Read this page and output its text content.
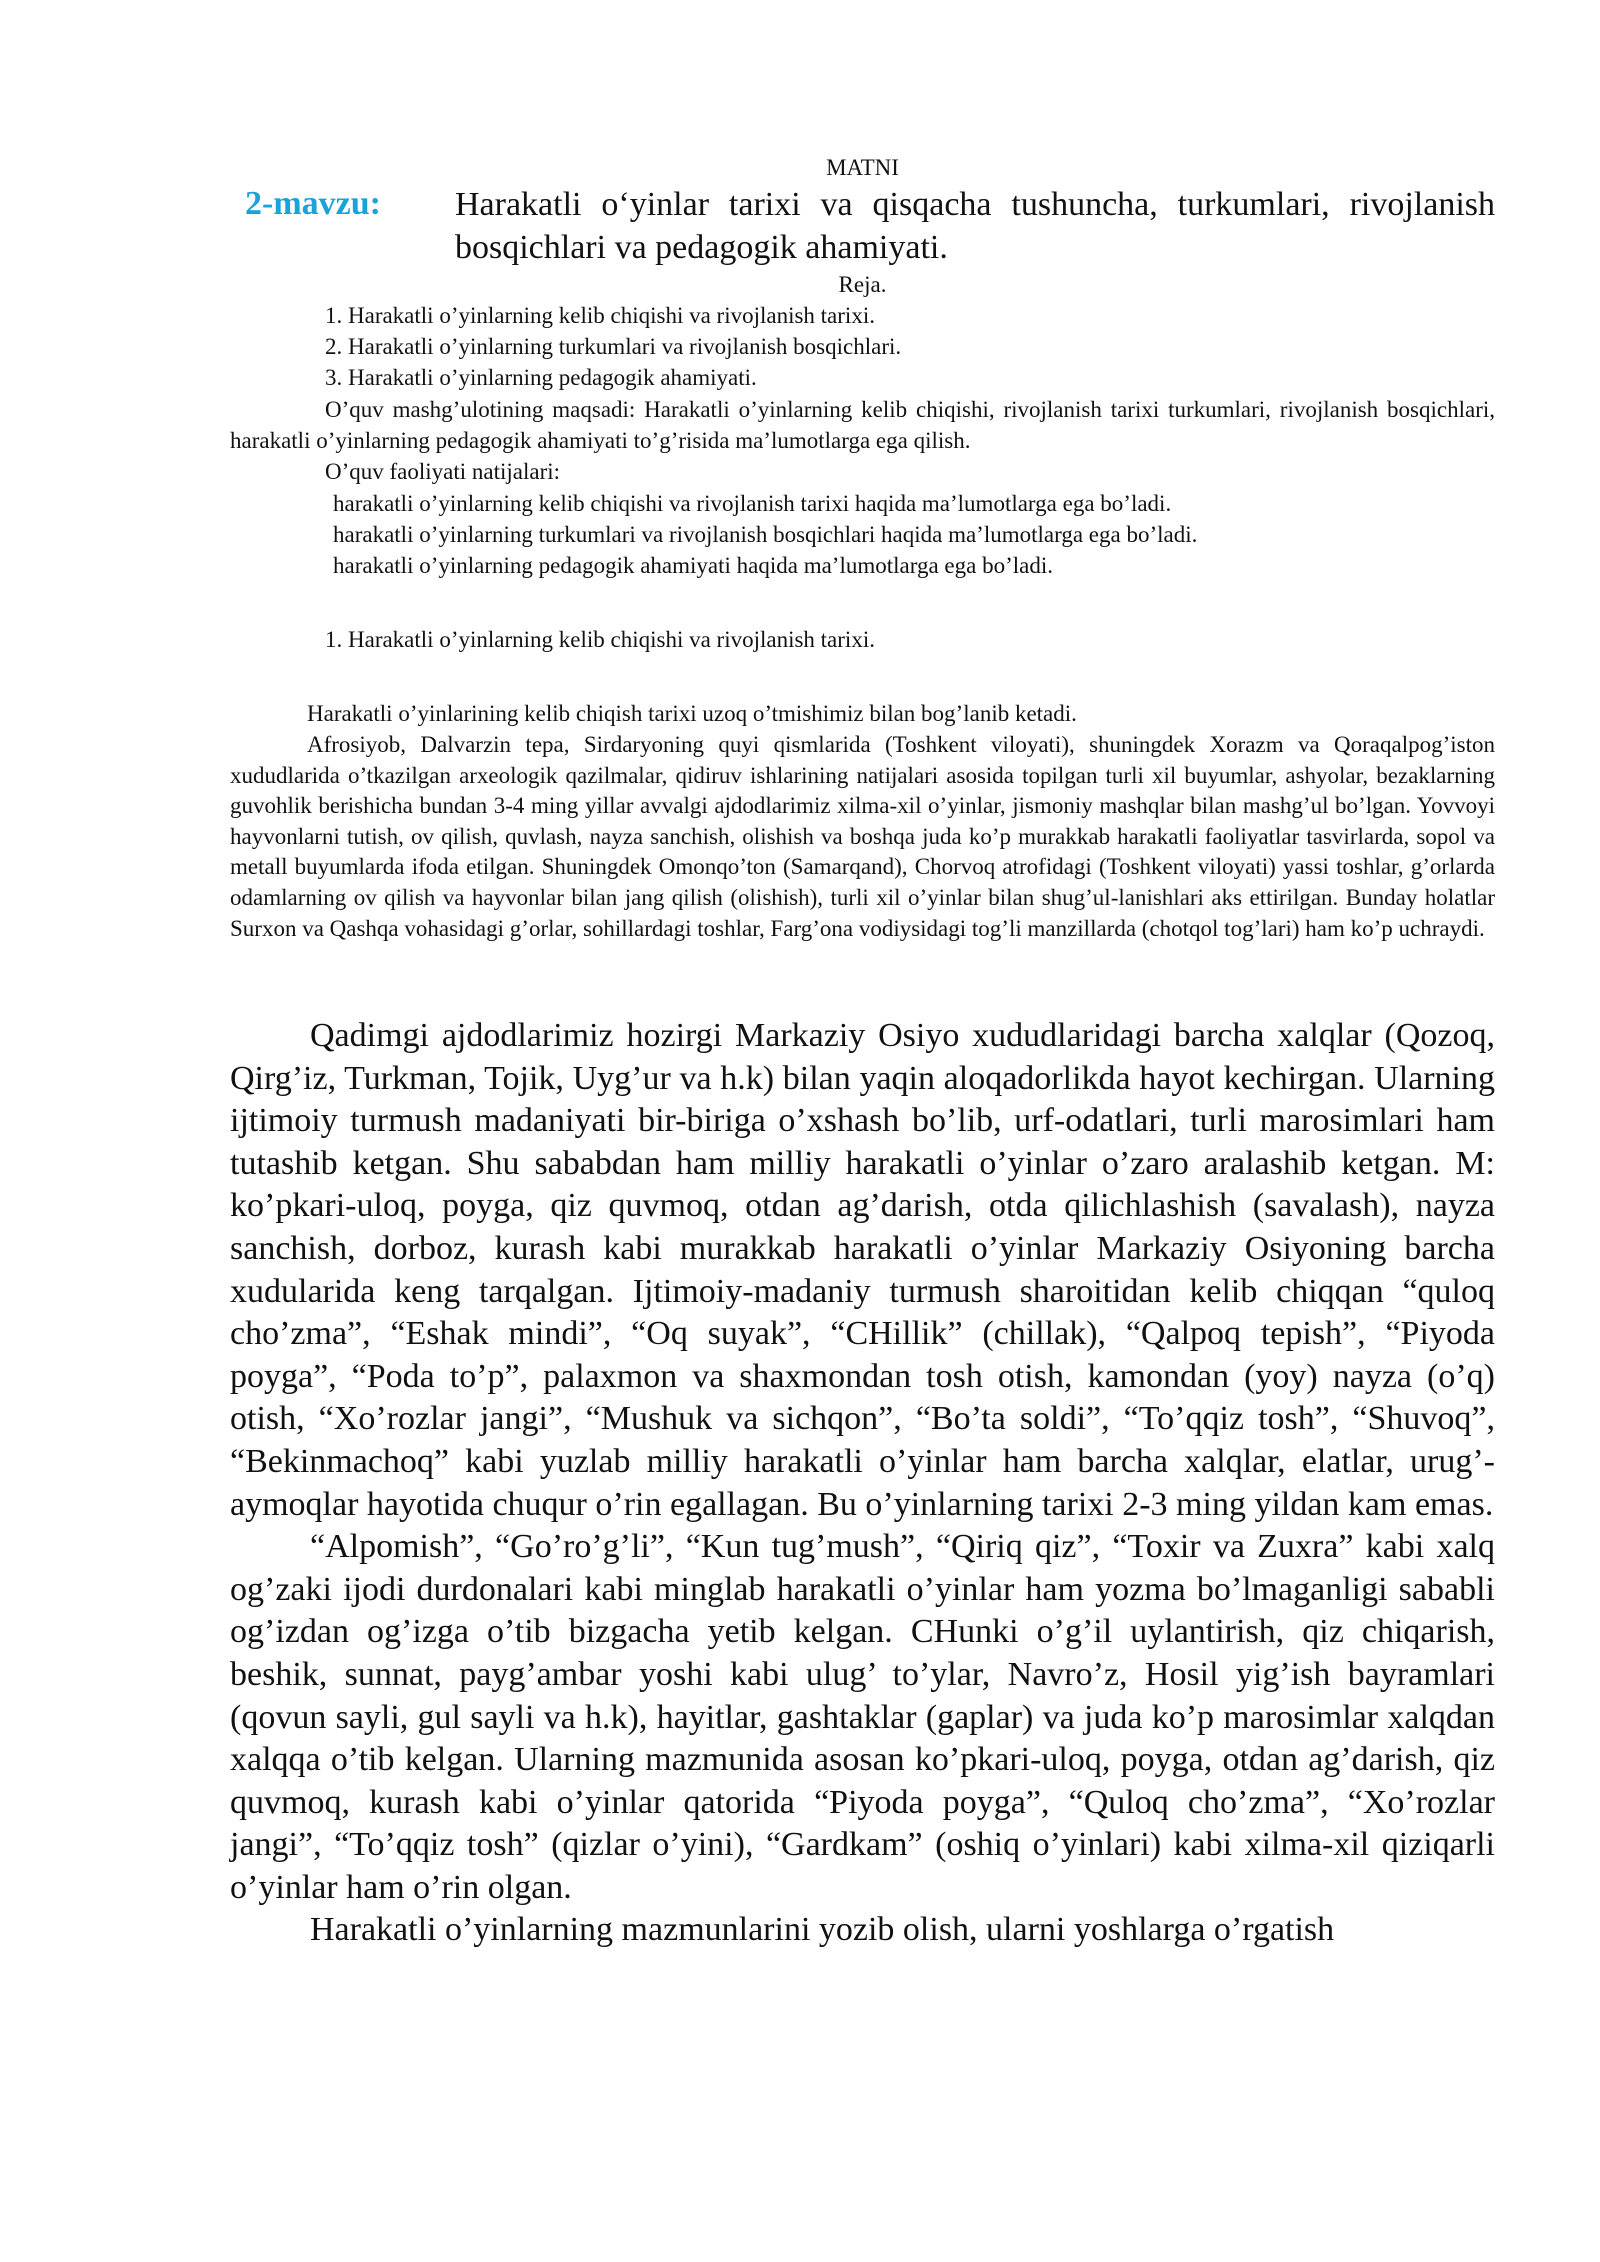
MATNI
2-mavzu:	Harakatli o‘yinlar tarixi va qisqacha tushuncha, turkumlari, rivojlanish bosqichlari va pedagogik ahamiyati.
Reja.

1. Harakatli o’yinlarning kelib chiqishi va rivojlanish tarixi.

2. Harakatli o’yinlarning turkumlari va rivojlanish bosqichlari.

3. Harakatli o’yinlarning pedagogik ahamiyati.

O’quv mashg’ulotining maqsadi: Harakatli o’yinlarning kelib chiqishi, rivojlanish tarixi turkumlari, rivojlanish bosqichlari, harakatli o’yinlarning pedagogik ahamiyati to’g’risida ma’lumotlarga ega qilish.
O’quv faoliyati natijalari:

harakatli o’yinlarning kelib chiqishi va rivojlanish tarixi haqida ma’lumotlarga ega bo’ladi.

harakatli o’yinlarning turkumlari va rivojlanish bosqichlari haqida ma’lumotlarga ega bo’ladi.

harakatli o’yinlarning pedagogik ahamiyati haqida ma’lumotlarga ega bo’ladi.

1. Harakatli o’yinlarning kelib chiqishi va rivojlanish tarixi.
Harakatli o’yinlarining kelib chiqish tarixi uzoq o’tmishimiz bilan bog’lanib ketadi.
Afrosiyob, Dalvarzin tepa, Sirdaryoning quyi qismlarida (Toshkent viloyati), shuningdek Xorazm va Qoraqalpog’iston xududlarida o’tkazilgan arxeologik qazilmalar, qidiruv ishlarining natijalari asosida topilgan turli xil buyumlar, ashyolar, bezaklarning guvohlik berishicha bundan 3-4 ming yillar avvalgi ajdodlarimiz xilma-xil o’yinlar, jismoniy mashqlar bilan mashg’ul bo’lgan. Yovvoyi hayvonlarni tutish, ov qilish, quvlash, nayza sanchish, olishish va boshqa juda ko’p murakkab harakatli faoliyatlar tasvirlarda, sopol va metall buyumlarda ifoda etilgan. Shuningdek Omonqo’ton (Samarqand), Chorvoq atrofidagi (Toshkent viloyati) yassi toshlar, g’orlarda odamlarning ov qilish va hayvonlar bilan jang qilish (olishish), turli xil o’yinlar bilan shug’ul-lanishlari aks ettirilgan. Bunday holatlar Surxon va Qashqa vohasidagi g’orlar, sohillardagi toshlar, Farg’ona vodiysidagi tog’li manzillarda (chotqol tog’lari) ham ko’p uchraydi.

Qadimgi ajdodlarimiz hozirgi Markaziy Osiyo xududlaridagi barcha xalqlar (Qozoq, Qirg’iz, Turkman, Tojik, Uyg’ur va h.k) bilan yaqin aloqadorlikda hayot kechirgan. Ularning ijtimoiy turmush madaniyati bir-biriga o’xshash bo’lib, urf-odatlari, turli marosimlari ham tutashib ketgan. Shu sababdan ham milliy harakatli o’yinlar o’zaro aralashib ketgan. M: ko’pkari-uloq, poyga, qiz quvmoq, otdan ag’darish, otda qilichlashish (savalash), nayza sanchish, dorboz, kurash kabi murakkab harakatli o’yinlar Markaziy Osiyoning barcha xudularida keng tarqalgan. Ijtimoiy-madaniy turmush sharoitidan kelib chiqqan “quloq cho’zma”, “Eshak mindi”, “Oq suyak”, “CHillik” (chillak), “Qalpoq tepish”, “Piyoda poyga”, “Poda to’p”, palaxmon va shaxmondan tosh otish, kamondan (yoy) nayza (o’q) otish, “Xo’rozlar jangi”, “Mushuk va sichqon”, “Bo’ta soldi”, “To’qqiz tosh”, “Shuvoq”, “Bekinmachoq” kabi yuzlab milliy harakatli o’yinlar ham barcha xalqlar, elatlar, urug’-aymoqlar hayotida chuqur o’rin egallagan. Bu o’yinlarning tarixi 2-3 ming yildan kam emas.

“Alpomish”, “Go’ro’g’li”, “Kun tug’mush”, “Qiriq qiz”, “Toxir va Zuxra” kabi xalq og’zaki ijodi durdonalari kabi minglab harakatli o’yinlar ham yozma bo’lmaganligi sababli og’izdan og’izga o’tib bizgacha yetib kelgan. CHunki o’g’il uylantirish, qiz chiqarish, beshik, sunnat, payg’ambar yoshi kabi ulug’ to’ylar, Navro’z, Hosil yig’ish bayramlari (qovun sayli, gul sayli va h.k), hayitlar, gashtaklar (gaplar) va juda ko’p marosimlar xalqdan xalqqa o’tib kelgan. Ularning mazmunida asosan ko’pkari-uloq, poyga, otdan ag’darish, qiz quvmoq, kurash kabi o’yinlar qatorida “Piyoda poyga”, “Quloq cho’zma”, “Xo’rozlar jangi”, “To’qqiz tosh” (qizlar o’yini), “Gardkam” (oshiq o’yinlari) kabi xilma-xil qiziqarli o’yinlar ham o’rin olgan.

Harakatli o’yinlarning mazmunlarini yozib olish, ularni yoshlarga o’rgatish
